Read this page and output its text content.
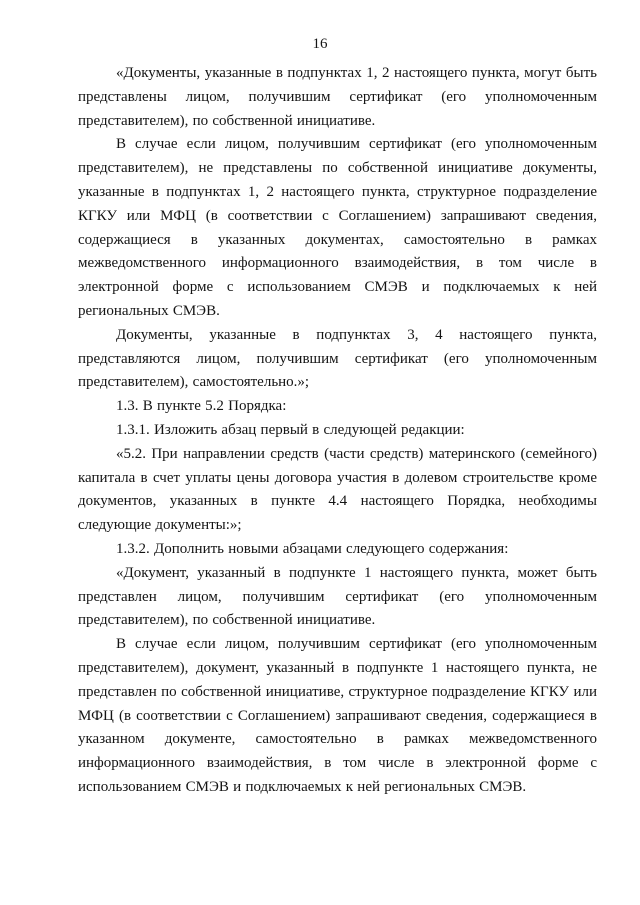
16

«Документы, указанные в подпунктах 1, 2 настоящего пункта, могут быть представлены лицом, получившим сертификат (его уполномоченным представителем), по собственной инициативе.

В случае если лицом, получившим сертификат (его уполномоченным представителем), не представлены по собственной инициативе документы, указанные в подпунктах 1, 2 настоящего пункта, структурное подразделение КГКУ или МФЦ (в соответствии с Соглашением) запрашивают сведения, содержащиеся в указанных документах, самостоятельно в рамках межведомственного информационного взаимодействия, в том числе в электронной форме с использованием СМЭВ и подключаемых к ней региональных СМЭВ.

Документы, указанные в подпунктах 3, 4 настоящего пункта, представляются лицом, получившим сертификат (его уполномоченным представителем), самостоятельно.»;

1.3. В пункте 5.2 Порядка:

1.3.1. Изложить абзац первый в следующей редакции:

«5.2. При направлении средств (части средств) материнского (семейного) капитала в счет уплаты цены договора участия в долевом строительстве кроме документов, указанных в пункте 4.4 настоящего Порядка, необходимы следующие документы:»;

1.3.2. Дополнить новыми абзацами следующего содержания:

«Документ, указанный в подпункте 1 настоящего пункта, может быть представлен лицом, получившим сертификат (его уполномоченным представителем), по собственной инициативе.

В случае если лицом, получившим сертификат (его уполномоченным представителем), документ, указанный в подпункте 1 настоящего пункта, не представлен по собственной инициативе, структурное подразделение КГКУ или МФЦ (в соответствии с Соглашением) запрашивают сведения, содержащиеся в указанном документе, самостоятельно в рамках межведомственного информационного взаимодействия, в том числе в электронной форме с использованием СМЭВ и подключаемых к ней региональных СМЭВ.
